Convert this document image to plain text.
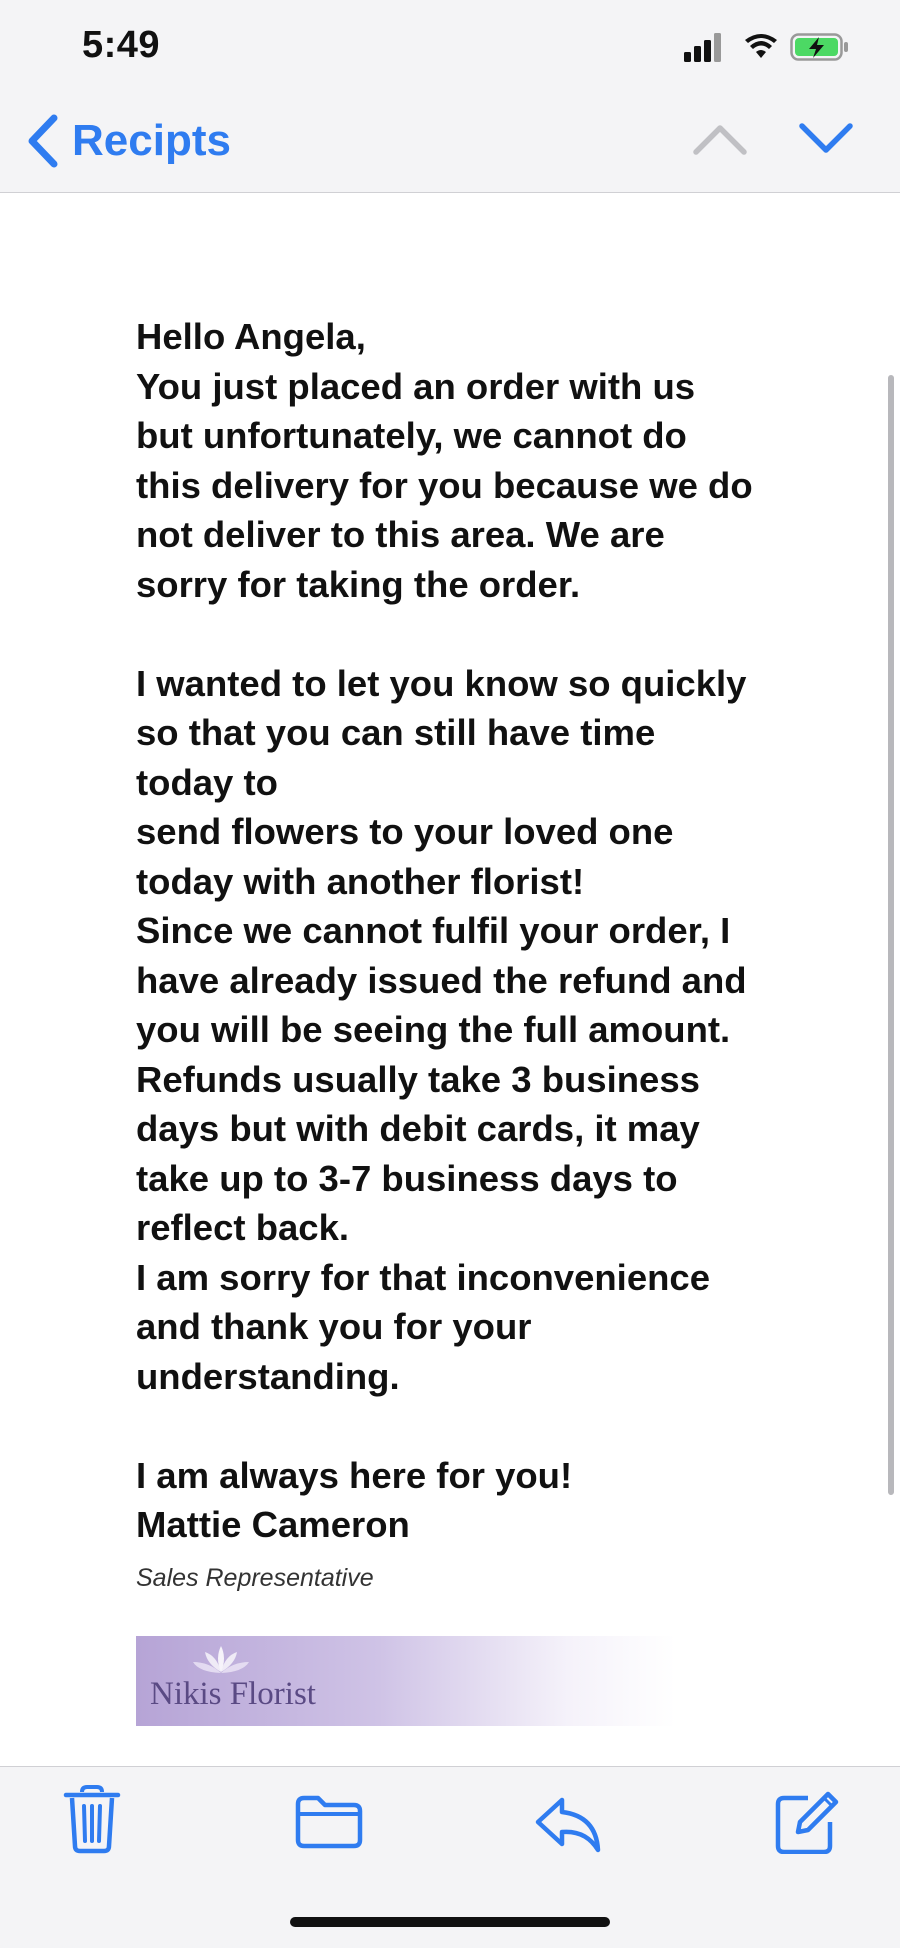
5:49
Recipts

Hello Angela,

You just placed an order with us

but unfortunately, we cannot do

this delivery for you because we do

not deliver to this area. We are

sorry for taking the order.

I wanted to let you know so quickly

so that you can still have time

today to

send flowers to your loved one

today with another florist!

Since we cannot fulfil your order, I

have already issued the refund and

you will be seeing the full amount.

Refunds usually take 3 business

days but with debit cards, it may

take up to 3-7 business days to

reflect back.

I am sorry for that inconvenience

and thank you for your

understanding.

I am always here for you!

Mattie Cameron

Sales Representative
Nikis Florist
